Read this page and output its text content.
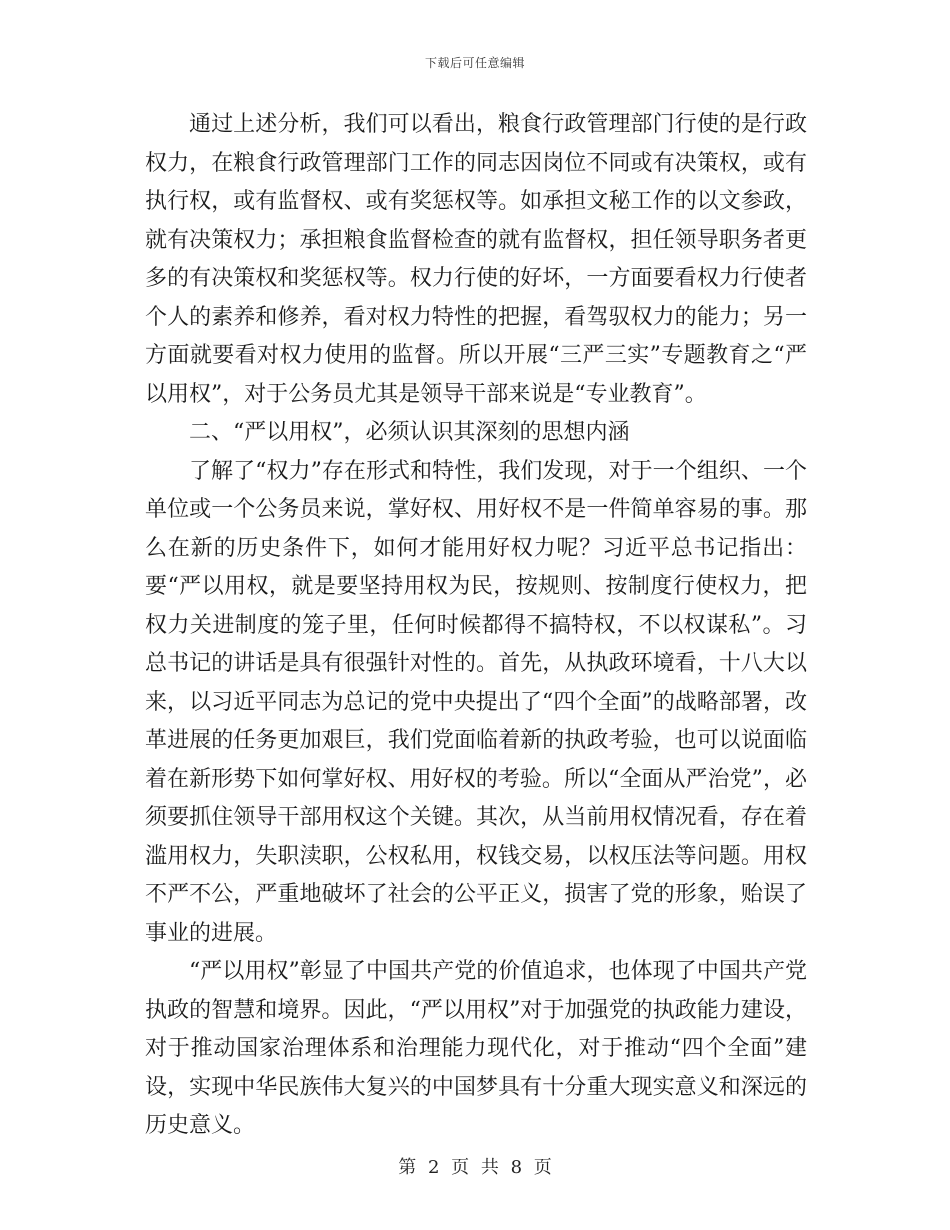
下载后可任意编辑

通过上述分析，我们可以看出，粮食行政管理部门行使的是行政权力，在粮食行政管理部门工作的同志因岗位不同或有决策权，或有执行权，或有监督权、或有奖惩权等。如承担文秘工作的以文参政，就有决策权力；承担粮食监督检查的就有监督权，担任领导职务者更多的有决策权和奖惩权等。权力行使的好坏，一方面要看权力行使者个人的素养和修养，看对权力特性的把握，看驾驭权力的能力；另一方面就要看对权力使用的监督。所以开展“三严三实”专题教育之“严以用权”，对于公务员尤其是领导干部来说是“专业教育”。

二、“严以用权”，必须认识其深刻的思想内涵

了解了“权力”存在形式和特性，我们发现，对于一个组织、一个单位或一个公务员来说，掌好权、用好权不是一件简单容易的事。那么在新的历史条件下，如何才能用好权力呢？习近平总书记指出：要“严以用权，就是要坚持用权为民，按规则、按制度行使权力，把权力关进制度的笼子里，任何时候都得不搞特权，不以权谋私”。习总书记的讲话是具有很强针对性的。首先，从执政环境看，十八大以来，以习近平同志为总记的党中央提出了“四个全面”的战略部署，改革进展的任务更加艰巨，我们党面临着新的执政考验，也可以说面临着在新形势下如何掌好权、用好权的考验。所以“全面从严治党”，必须要抓住领导干部用权这个关键。其次，从当前用权情况看，存在着滥用权力，失职渎职，公权私用，权钱交易，以权压法等问题。用权不严不公，严重地破坏了社会的公平正义，损害了党的形象，贻误了事业的进展。

“严以用权”彰显了中国共产党的价值追求，也体现了中国共产党执政的智慧和境界。因此，“严以用权”对于加强党的执政能力建设，对于推动国家治理体系和治理能力现代化，对于推动“四个全面”建设，实现中华民族伟大复兴的中国梦具有十分重大现实意义和深远的历史意义。

第 2 页 共 8 页
